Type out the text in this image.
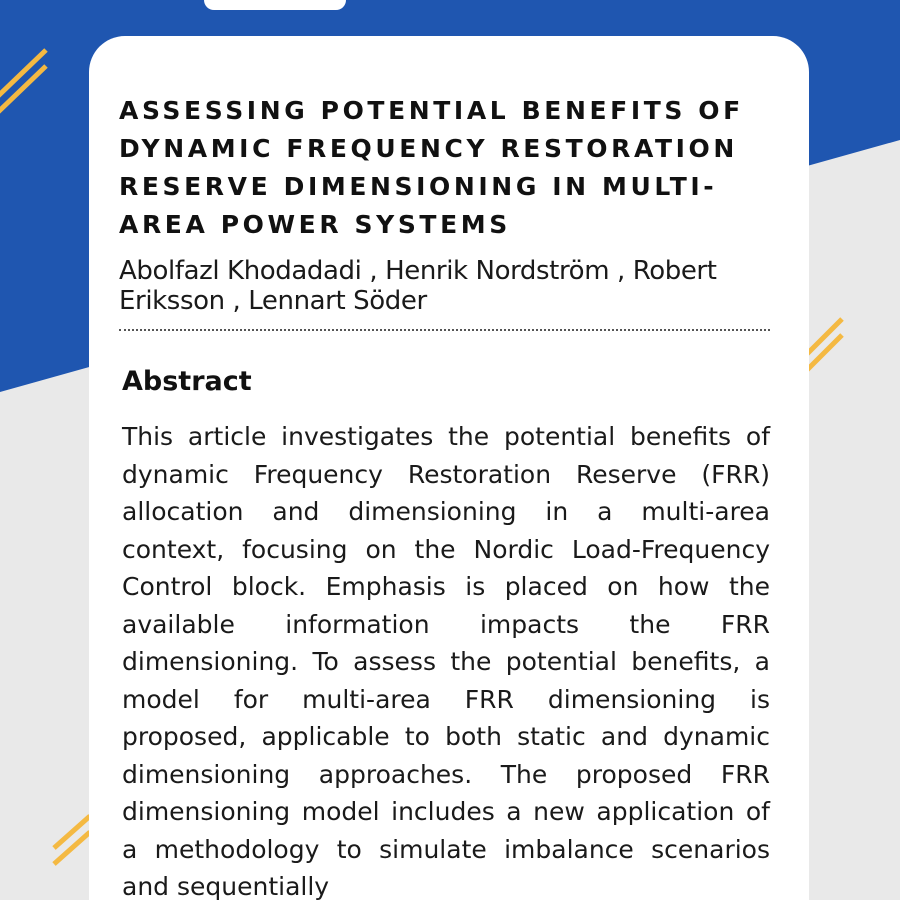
ASSESSING POTENTIAL BENEFITS OF DYNAMIC FREQUENCY RESTORATION RESERVE DIMENSIONING IN MULTI-AREA POWER SYSTEMS

Abolfazl Khodadadi , Henrik Nordström , Robert Eriksson , Lennart Söder

Abstract

This article investigates the potential benefits of dynamic Frequency Restoration Reserve (FRR) allocation and dimensioning in a multi-area context, focusing on the Nordic Load-Frequency Control block. Emphasis is placed on how the available information impacts the FRR dimensioning. To assess the potential benefits, a model for multi-area FRR dimensioning is proposed, applicable to both static and dynamic dimensioning approaches. The proposed FRR dimensioning model includes a new application of a methodology to simulate imbalance scenarios and sequentially
